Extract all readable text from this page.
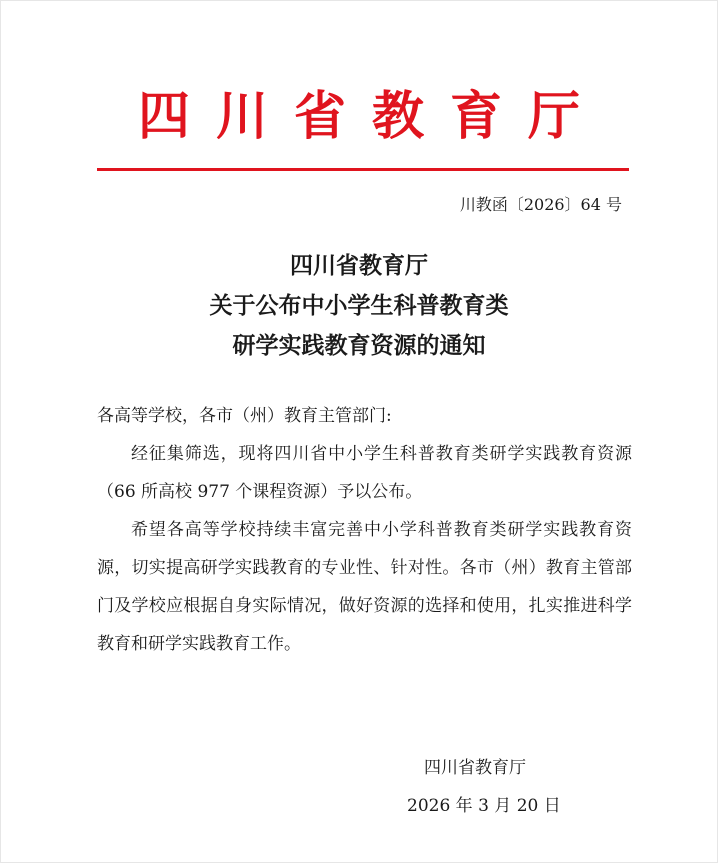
四川省教育厅
川教函〔2026〕64 号
四川省教育厅
关于公布中小学生科普教育类
研学实践教育资源的通知

各高等学校，各市（州）教育主管部门:

经征集筛选，现将四川省中小学生科普教育类研学实践教育资源（66 所高校 977 个课程资源）予以公布。

希望各高等学校持续丰富完善中小学科普教育类研学实践教育资源，切实提高研学实践教育的专业性、针对性。各市（州）教育主管部门及学校应根据自身实际情况，做好资源的选择和使用，扎实推进科学教育和研学实践教育工作。

四川省教育厅
2026 年 3 月 20 日
